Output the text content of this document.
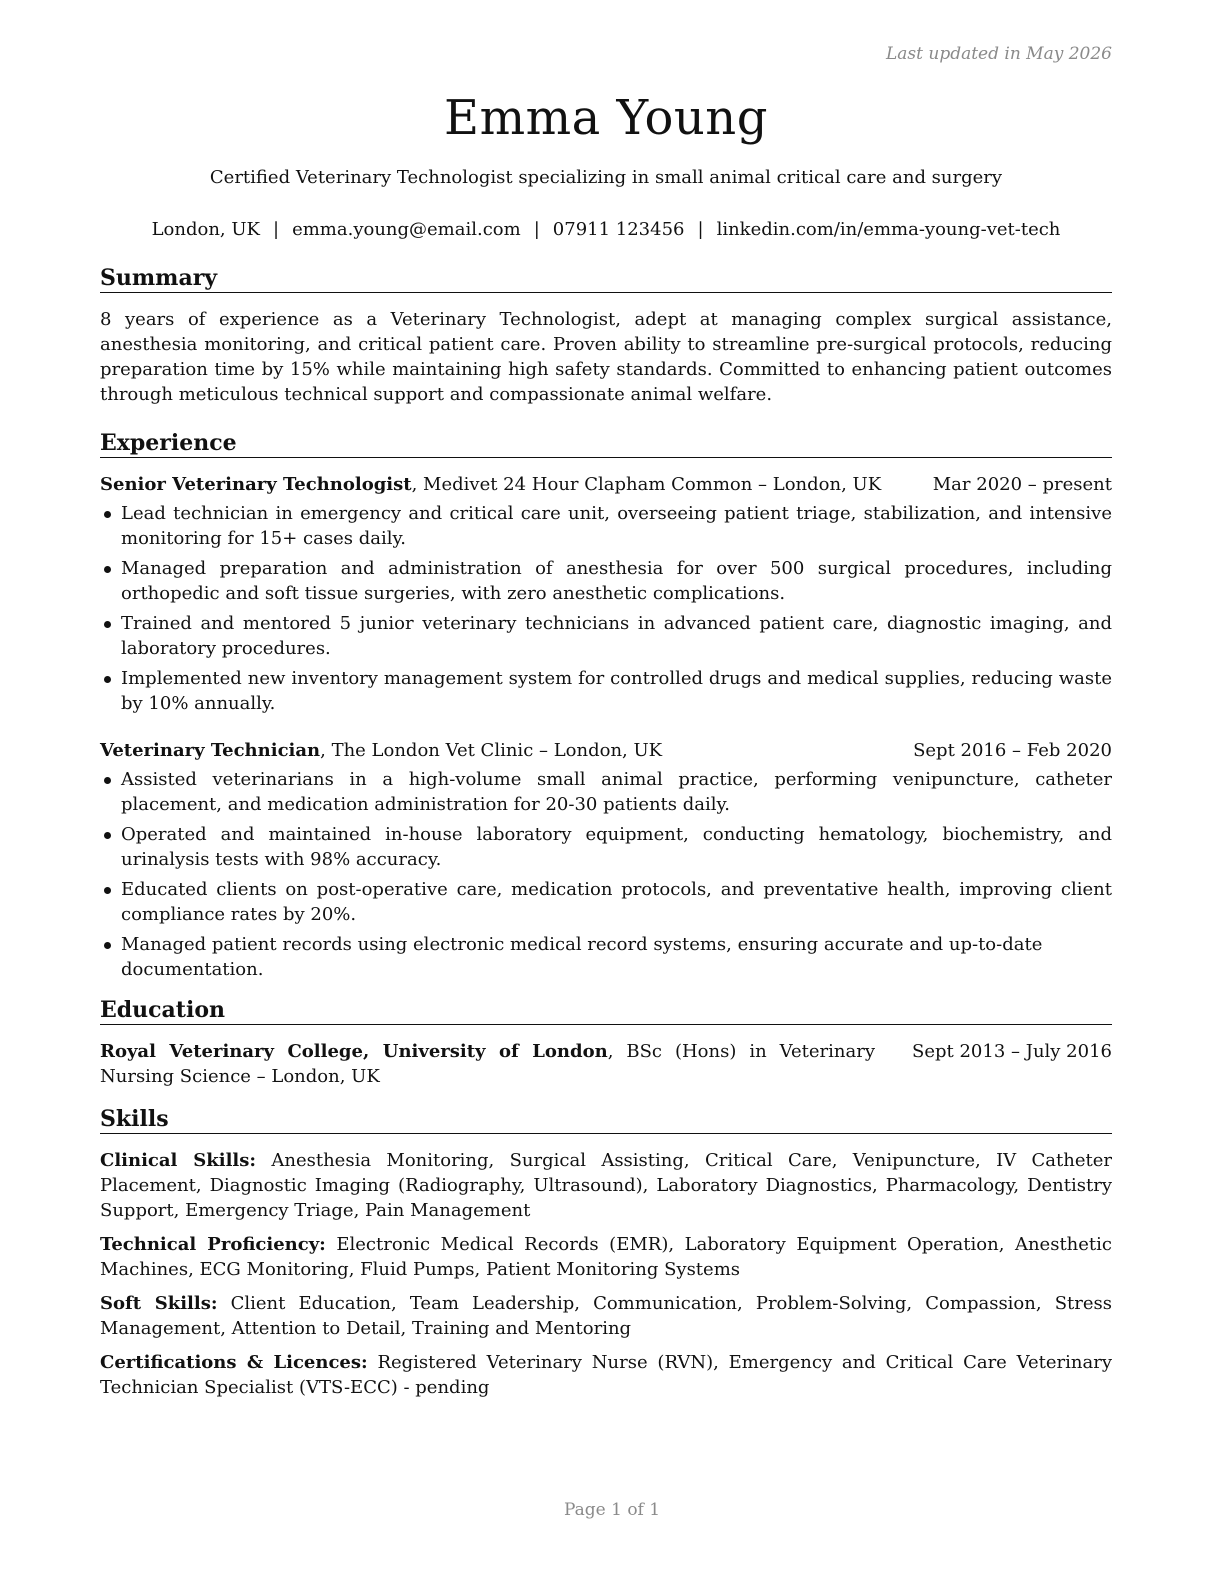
Last updated in May 2026
Emma Young
Certified Veterinary Technologist specializing in small animal critical care and surgery
London, UK | emma.young@email.com | 07911 123456 | linkedin.com/in/emma-young-vet-tech
Summary
8 years of experience as a Veterinary Technologist, adept at managing complex surgical assistance, anesthesia monitoring, and critical patient care. Proven ability to streamline pre-surgical protocols, reducing preparation time by 15% while maintaining high safety standards. Committed to enhancing patient outcomes through meticulous technical support and compassionate animal welfare.
Experience
Senior Veterinary Technologist, Medivet 24 Hour Clapham Common – London, UK	Mar 2020 – present
Lead technician in emergency and critical care unit, overseeing patient triage, stabilization, and intensive monitoring for 15+ cases daily.
Managed preparation and administration of anesthesia for over 500 surgical procedures, including orthopedic and soft tissue surgeries, with zero anesthetic complications.
Trained and mentored 5 junior veterinary technicians in advanced patient care, diagnostic imaging, and laboratory procedures.
Implemented new inventory management system for controlled drugs and medical supplies, reducing waste by 10% annually.
Veterinary Technician, The London Vet Clinic – London, UK	Sept 2016 – Feb 2020
Assisted veterinarians in a high-volume small animal practice, performing venipuncture, catheter placement, and medication administration for 20-30 patients daily.
Operated and maintained in-house laboratory equipment, conducting hematology, biochemistry, and urinalysis tests with 98% accuracy.
Educated clients on post-operative care, medication protocols, and preventative health, improving client compliance rates by 20%.
Managed patient records using electronic medical record systems, ensuring accurate and up-to-date documentation.
Education
Royal Veterinary College, University of London, BSc (Hons) in Veterinary Nursing Science – London, UK
Sept 2013 – July 2016
Skills
Clinical Skills: Anesthesia Monitoring, Surgical Assisting, Critical Care, Venipuncture, IV Catheter Placement, Diagnostic Imaging (Radiography, Ultrasound), Laboratory Diagnostics, Pharmacology, Dentistry Support, Emergency Triage, Pain Management
Technical Proficiency: Electronic Medical Records (EMR), Laboratory Equipment Operation, Anesthetic Machines, ECG Monitoring, Fluid Pumps, Patient Monitoring Systems
Soft Skills: Client Education, Team Leadership, Communication, Problem-Solving, Compassion, Stress Management, Attention to Detail, Training and Mentoring
Certifications & Licences: Registered Veterinary Nurse (RVN), Emergency and Critical Care Veterinary Technician Specialist (VTS-ECC) - pending
Page 1 of 1
